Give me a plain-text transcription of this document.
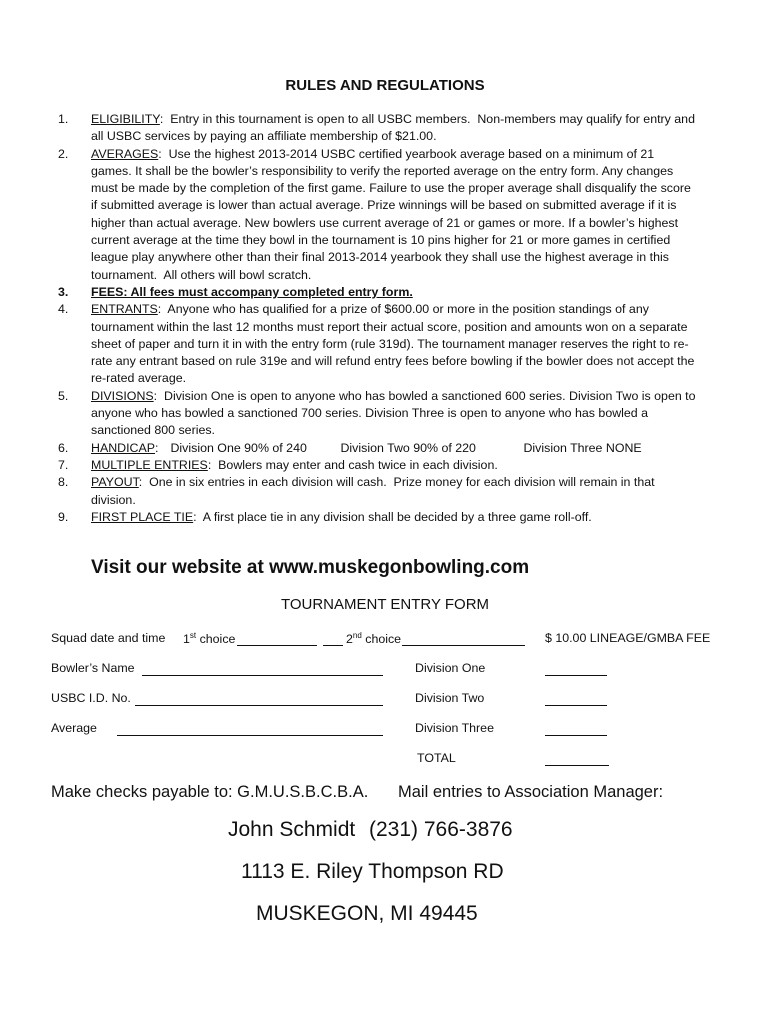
RULES AND REGULATIONS
1.	ELIGIBILITY:  Entry in this tournament is open to all USBC members.  Non-members may qualify for entry and all USBC services by paying an affiliate membership of $21.00.
2.	AVERAGES:  Use the highest 2013-2014 USBC certified yearbook average based on a minimum of 21 games. It shall be the bowler’s responsibility to verify the reported average on the entry form. Any changes must be made by the completion of the first game. Failure to use the proper average shall disqualify the score if submitted average is lower than actual average. Prize winnings will be based on submitted average if it is higher than actual average. New bowlers use current average of 21 or games or more. If a bowler’s highest current average at the time they bowl in the tournament is 10 pins higher for 21 or more games in certified league play anywhere other than their final 2013-2014 yearbook they shall use the highest average in this tournament.  All others will bowl scratch.
3.	FEES: All fees must accompany completed entry form.
4.	ENTRANTS:  Anyone who has qualified for a prize of $600.00 or more in the position standings of any tournament within the last 12 months must report their actual score, position and amounts won on a separate sheet of paper and turn it in with the entry form (rule 319d). The tournament manager reserves the right to re-rate any entrant based on rule 319e and will refund entry fees before bowling if the bowler does not accept the re-rated average.
5.	DIVISIONS:  Division One is open to anyone who has bowled a sanctioned 600 series. Division Two is open to anyone who has bowled a sanctioned 700 series. Division Three is open to anyone who has bowled a sanctioned 800 series.
6.	HANDICAP: Division One 90% of 240	Division Two 90% of 220	Division Three NONE
7.	MULTIPLE ENTRIES:  Bowlers may enter and cash twice in each division.
8.	PAYOUT:  One in six entries in each division will cash.  Prize money for each division will remain in that division.
9.	FIRST PLACE TIE:  A first place tie in any division shall be decided by a three game roll-off.
Visit our website at www.muskegonbowling.com
TOURNAMENT ENTRY FORM
Squad date and time 1st choice	2nd choice	$ 10.00 LINEAGE/GMBA FEE
Bowler’s Name	Division One
USBC I.D. No.	Division Two
Average	Division Three
TOTAL
Make checks payable to: G.M.U.S.B.C.B.A. Mail entries to Association Manager:
John Schmidt (231) 766-3876
1113 E. Riley Thompson RD
MUSKEGON, MI 49445
